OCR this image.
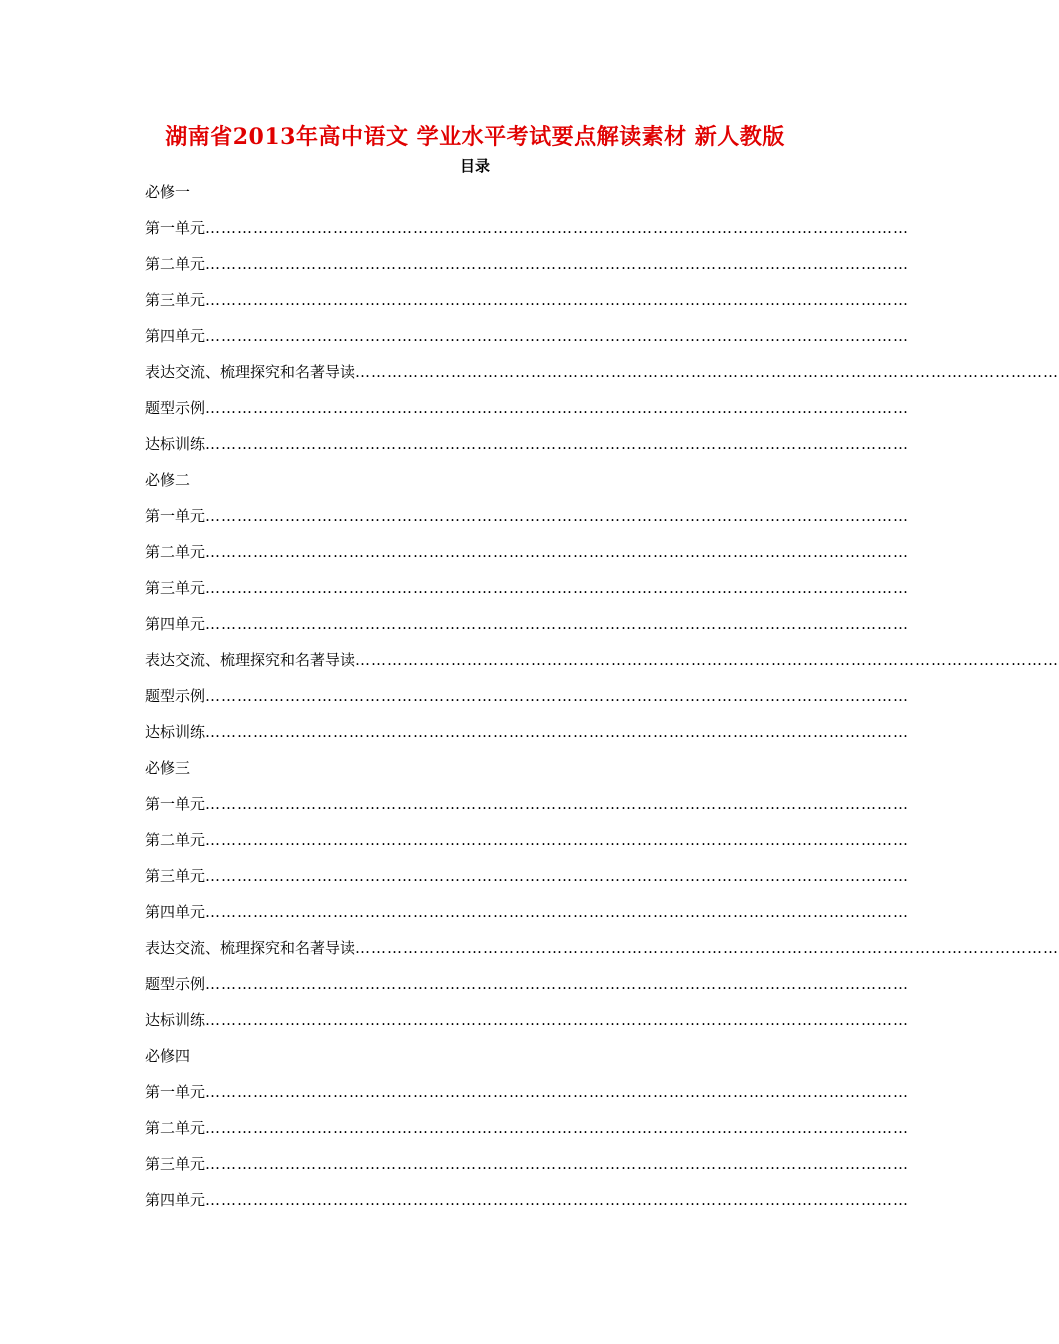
湖南省2013年高中语文 学业水平考试要点解读素材 新人教版
目录
必修一
第一单元 ……………………………………………………………………………………………………………………
第二单元 ……………………………………………………………………………………………………………………
第三单元 ……………………………………………………………………………………………………………………
第四单元 ……………………………………………………………………………………………………………………
表达交流、梳理探究和名著导读 ……………………………………………………………………………………………………………………
题型示例 ……………………………………………………………………………………………………………………
达标训练 ……………………………………………………………………………………………………………………
必修二
第一单元 ……………………………………………………………………………………………………………………
第二单元 ……………………………………………………………………………………………………………………
第三单元 ……………………………………………………………………………………………………………………
第四单元 ……………………………………………………………………………………………………………………
表达交流、梳理探究和名著导读 ……………………………………………………………………………………………………………………
题型示例 ……………………………………………………………………………………………………………………
达标训练 ……………………………………………………………………………………………………………………
必修三
第一单元 ……………………………………………………………………………………………………………………
第二单元 ……………………………………………………………………………………………………………………
第三单元 ……………………………………………………………………………………………………………………
第四单元 ……………………………………………………………………………………………………………………
表达交流、梳理探究和名著导读 ……………………………………………………………………………………………………………………
题型示例 ……………………………………………………………………………………………………………………
达标训练 ……………………………………………………………………………………………………………………
必修四
第一单元 ……………………………………………………………………………………………………………………
第二单元 ……………………………………………………………………………………………………………………
第三单元 ……………………………………………………………………………………………………………………
第四单元 ……………………………………………………………………………………………………………………
